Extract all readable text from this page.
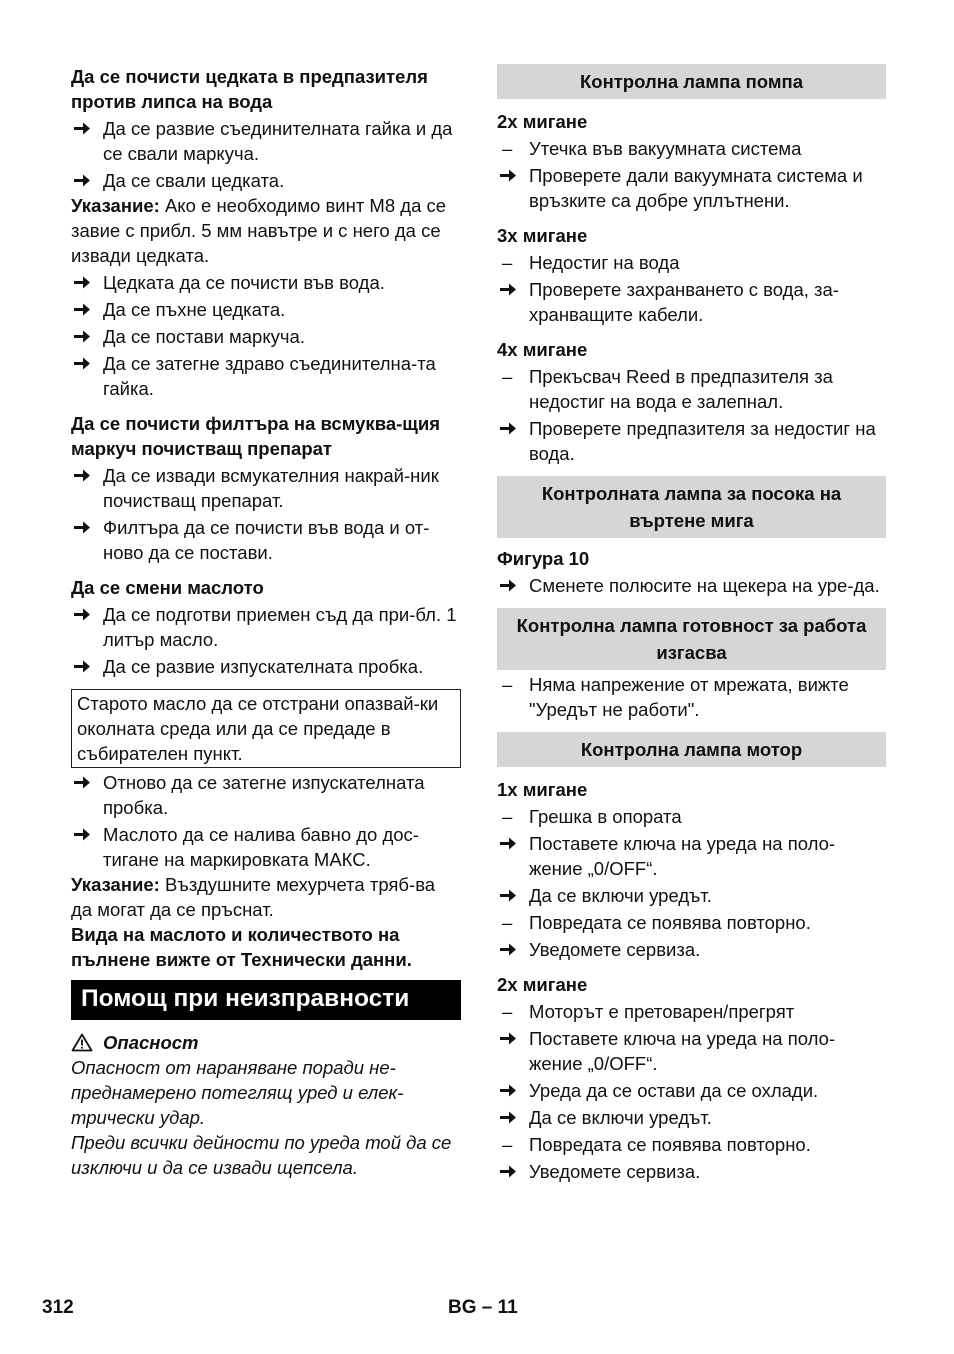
Да се почисти цедката в предпазителя против липса на вода

Да се развие съединителната гайка и да се свали маркуча.
Да се свали цедката.

Указание: Ако е необходимо винт M8 да се завие с прибл. 5 мм навътре и с него да се извади цедката.

Цедката да се почисти във вода.
Да се пъхне цедката.
Да се постави маркуча.
Да се затегне здраво съединителна-та гайка.

Да се почисти филтъра на всмуква-щия маркуч почистващ препарат

Да се извади всмукателния накрай-ник почистващ препарат.
Филтъра да се почисти във вода и от-ново да се постави.

Да се смени маслото

Да се подготви приемен съд да при-бл. 1 литър масло.
Да се развие изпускателната пробка.
Старото масло да се отстрани опазвай-ки околната среда или да се предаде в събирателен пункт.
Отново да се затегне изпускателната пробка.
Маслото да се налива бавно до дос-тигане на маркировката МАКС.

Указание: Въздушните мехурчета тряб-ва да могат да се пръснат.

Вида на маслото и количеството на пълнене вижте от Технически данни.

Помощ при неизправности
Опасност

Опасност от нараняване поради не-преднамерено потеглящ уред и елек-трически удар.

Преди всички дейности по уреда той да се изключи и да се извади щепсела.

Контролна лампа помпа

2x мигане

– Утечка във вакуумната система
Проверете дали вакуумната система и връзките са добре уплътнени.

3x мигане

– Недостиг на вода
Проверете захранването с вода, за-хранващите кабели.

4x мигане

– Прекъсвач Reed в предпазителя за недостиг на вода е залепнал.
Проверете предпазителя за недостиг на вода.
Контролната лампа за посока на въртене мига

Фигура 10

Сменете полюсите на щекера на уре-да.
Контролна лампа готовност за работа изгасва
– Няма напрежение от мрежата, вижте "Уредът не работи".
Контролна лампа мотор

1x мигане

– Грешка в опората
Поставете ключа на уреда на поло-жение „0/OFF“.
Да се включи уредът.
– Повредата се появява повторно.
Уведомете сервиза.

2x мигане

– Моторът е претоварен/прегрят
Поставете ключа на уреда на поло-жение „0/OFF“.
Уреда да се остави да се охлади.
Да се включи уредът.
– Повредата се появява повторно.
Уведомете сервиза.
312	BG – 11
